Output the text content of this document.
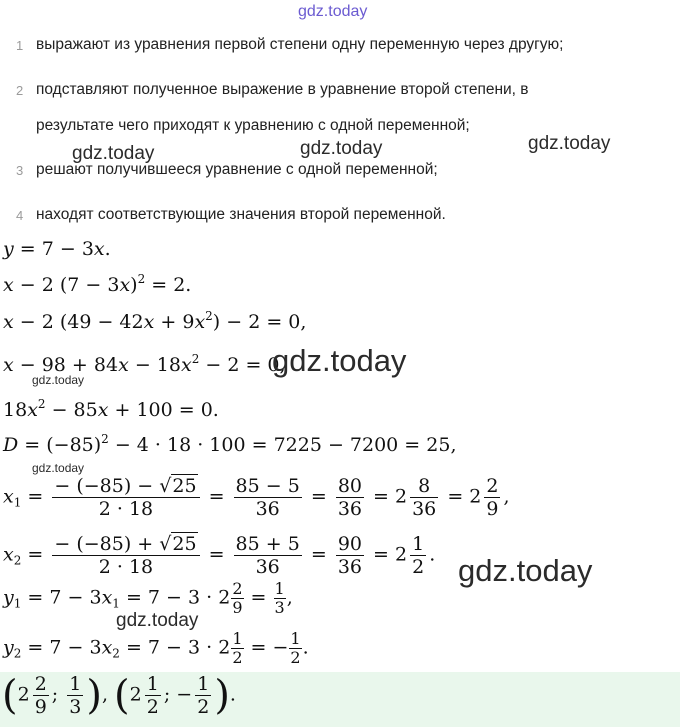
gdz.today
1 выражают из уравнения первой степени одну переменную через другую;
2 подставляют полученное выражение в уравнение второй степени, в
результате чего приходят к уравнению с одной переменной;
3 решают получившееся уравнение с одной переменной;
4 находят соответствующие значения второй переменной.
gdz.today	gdz.today	gdz.today
y = 7 − 3x.
x − 2 $(7 - 3x)^2 = 2$.
x − 2 $(49 - 42x + 9x^2) - 2 = 0$,
$x - 98 + 84x - 18x^2 - 2 = 0$,
gdz.today
gdz.today
$18x^2 - 85x + 100 = 0$.
$D = (-85)^2 - 4 \cdot 18 \cdot 100 = 7225 - 7200 = 25$,
gdz.today
$x_1 = \frac{- (-85) - √25}{2 \cdot 18} = \frac{85 - 5}{36} = \frac{80}{36} = 2 \frac{8}{36} = 2 \frac{2}{9}$ ,
$x_2 = \frac{- (-85) + √25}{2 \cdot 18} = \frac{85 + 5}{36} = \frac{90}{36} = 2 \frac{1}{2}$ . gdz.today
$y_1 = 7 - 3x_1 = 7 - 3 \cdot 2 \frac{2}{9} = \frac{1}{3}$ ,
gdz.today
$y_2 = 7 - 3x_2 = 7 - 3 \cdot 2 \frac{1}{2}$ = − $\frac{1}{2}$ .
($2 \frac{2}{9}$ ; $\frac{1}{3}$ ), ($2 \frac{1}{2}$ ; − $\frac{1}{2}$ ).
